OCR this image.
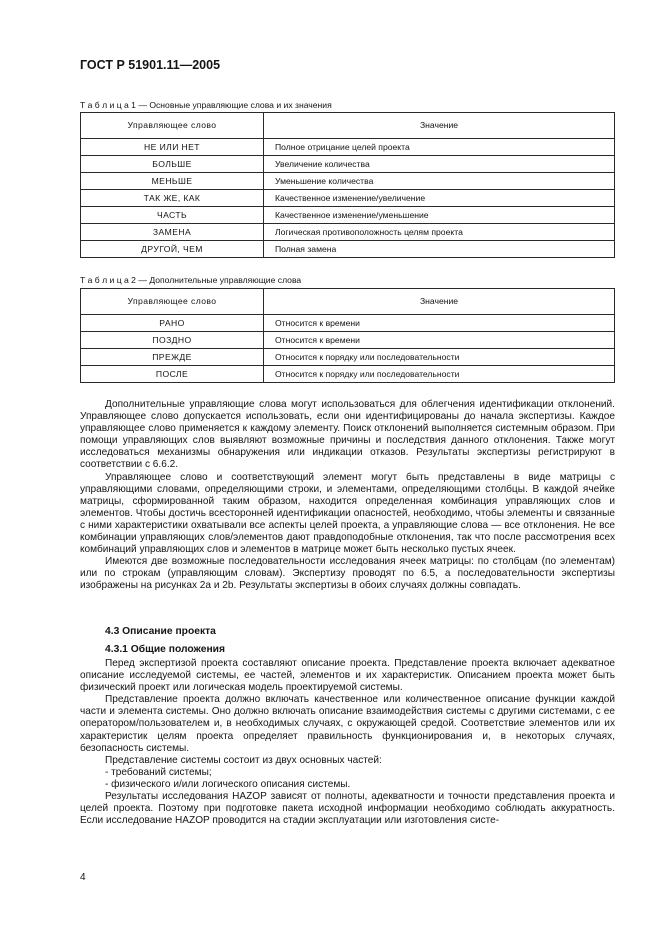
ГОСТ Р 51901.11—2005
Т а б л и ц а 1 — Основные управляющие слова и их значения
Управляющее слово	Значение
НЕ ИЛИ НЕТ	Полное отрицание целей проекта
БОЛЬШЕ	Увеличение количества
МЕНЬШЕ	Уменьшение количества
ТАК ЖЕ, КАК	Качественное изменение/увеличение
ЧАСТЬ	Качественное изменение/уменьшение
ЗАМЕНА	Логическая противоположность целям проекта
ДРУГОЙ, ЧЕМ	Полная замена
Т а б л и ц а 2 — Дополнительные управляющие слова
Управляющее слово	Значение
РАНО	Относится к времени
ПОЗДНО	Относится к времени
ПРЕЖДЕ	Относится к порядку или последовательности
ПОСЛЕ	Относится к порядку или последовательности

Дополнительные управляющие слова могут использоваться для облегчения идентификации отклонений. Управляющее слово допускается использовать, если они идентифицированы до начала экспертизы. Каждое управляющее слово применяется к каждому элементу. Поиск отклонений выполняется системным образом. При помощи управляющих слов выявляют возможные причины и последствия данного отклонения. Также могут исследоваться механизмы обнаружения или индикации отказов. Результаты экспертизы регистрируют в соответствии с 6.6.2.

Управляющее слово и соответствующий элемент могут быть представлены в виде матрицы с управляющими словами, определяющими строки, и элементами, определяющими столбцы. В каждой ячейке матрицы, сформированной таким образом, находится определенная комбинация управляющих слов и элементов. Чтобы достичь всесторонней идентификации опасностей, необходимо, чтобы элементы и связанные с ними характеристики охватывали все аспекты целей проекта, а управляющие слова — все отклонения. Не все комбинации управляющих слов/элементов дают правдоподобные отклонения, так что после рассмотрения всех комбинаций управляющих слов и элементов в матрице может быть несколько пустых ячеек.

Имеются две возможные последовательности исследования ячеек матрицы: по столбцам (по элементам) или по строкам (управляющим словам). Экспертизу проводят по 6.5, а последовательности экспертизы изображены на рисунках 2а и 2b. Результаты экспертизы в обоих случаях должны совпадать.

4.3 Описание проекта
4.3.1 Общие положения

Перед экспертизой проекта составляют описание проекта. Представление проекта включает адекватное описание исследуемой системы, ее частей, элементов и их характеристик. Описанием проекта может быть физический проект или логическая модель проектируемой системы.

Представление проекта должно включать качественное или количественное описание функции каждой части и элемента системы. Оно должно включать описание взаимодействия системы с другими системами, с ее оператором/пользователем и, в необходимых случаях, с окружающей средой. Соответствие элементов или их характеристик целям проекта определяет правильность функционирования и, в некоторых случаях, безопасность системы.

Представление системы состоит из двух основных частей:

- требований системы;

- физического и/или логического описания системы.

Результаты исследования HAZOP зависят от полноты, адекватности и точности представления проекта и целей проекта. Поэтому при подготовке пакета исходной информации необходимо соблюдать аккуратность. Если исследование HAZOP проводится на стадии эксплуатации или изготовления систе-

4
